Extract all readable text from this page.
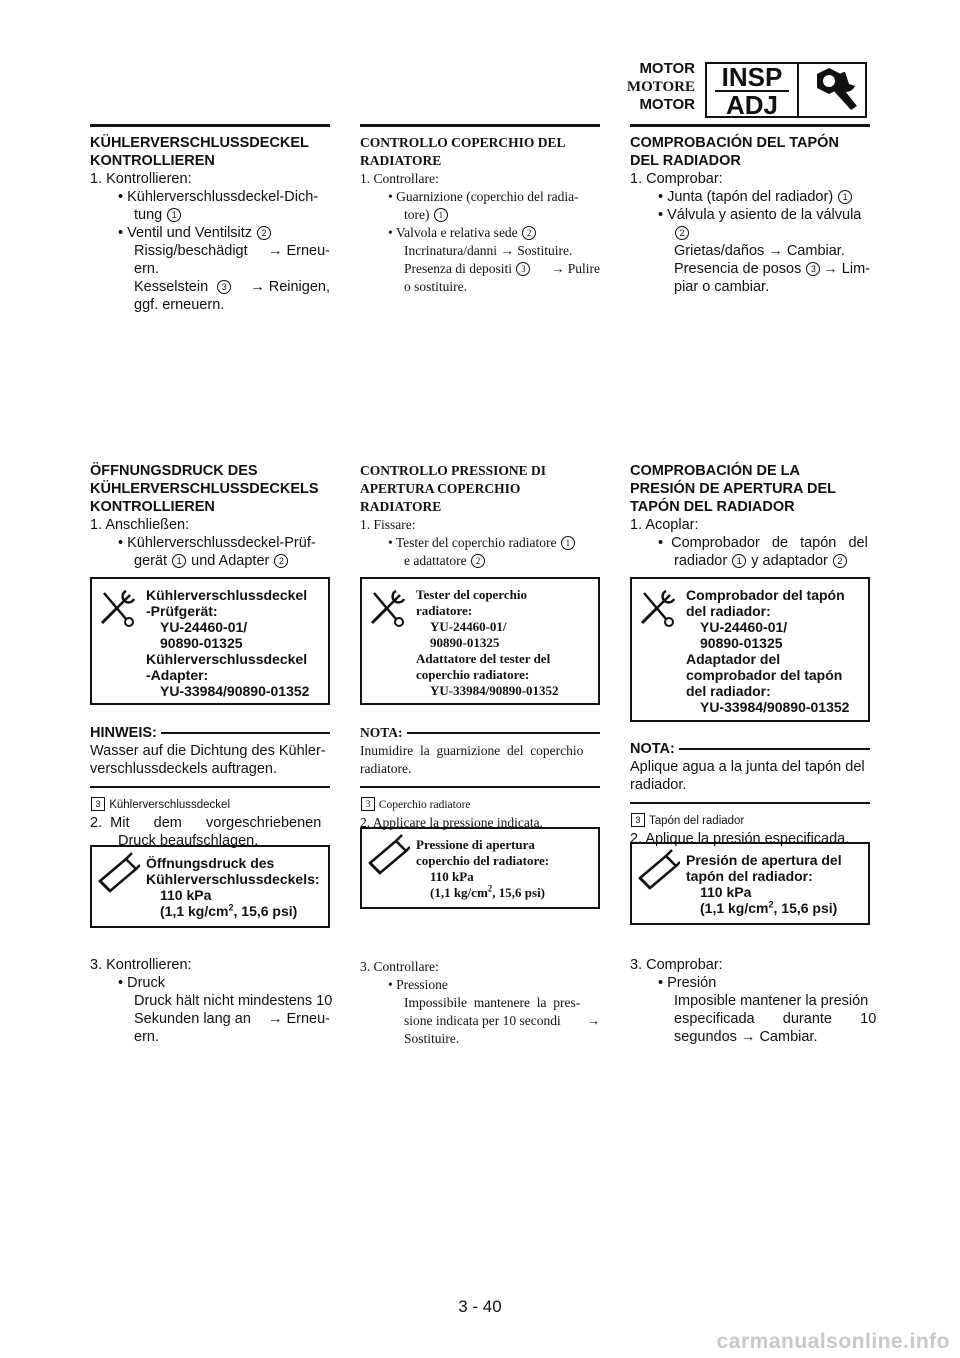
MOTOR
MOTORE
MOTOR
INSP
ADJ
KÜHLERVERSCHLUSSDECKEL
KONTROLLIEREN
1. Kontrollieren:
• Kühlerverschlussdeckel-Dich-
tung 1
• Ventil und Ventilsitz 2
Rissig/beschädigt → Erneu-
ern.
Kesselstein 3	→ Reinigen,
ggf. erneuern.
ÖFFNUNGSDRUCK DES
KÜHLERVERSCHLUSSDECKELS
KONTROLLIEREN
1. Anschließen:
• Kühlerverschlussdeckel-Prüf-
gerät 1 und Adapter 2
Kühlerverschlussdeckel
-Prüfgerät:
YU-24460-01/
90890-01325
Kühlerverschlussdeckel
-Adapter:
YU-33984/90890-01352
HINWEIS:
Wasser auf die Dichtung des Kühler-
verschlussdeckels auftragen.
3 Kühlerverschlussdeckel
2.  Mit      dem      vorgeschriebenen
Druck beaufschlagen.
Öffnungsdruck des
Kühlerverschlussdeckels:
110 kPa
(1,1 $kg/cm^2$, 15,6 psi)
3. Kontrollieren:
• Druck
Druck hält nicht mindestens 10
Sekunden lang an → Erneu-
ern.
CONTROLLO COPERCHIO DEL
RADIATORE
1. Controllare:
• Guarnizione (coperchio del radia-
tore) 1
• Valvola e relativa sede 2
Incrinatura/danni → Sostituire.
Presenza di depositi 3	→ Pulire
o sostituire.
CONTROLLO PRESSIONE DI
APERTURA COPERCHIO
RADIATORE
1. Fissare:
• Tester del coperchio radiatore 1
e adattatore 2
Tester del coperchio
radiatore:
YU-24460-01/
90890-01325
Adattatore del tester del
coperchio radiatore:
YU-33984/90890-01352
NOTA:
Inumidire  la  guarnizione  del  coperchio
radiatore.
3 Coperchio radiatore
2. Applicare la pressione indicata.
Pressione di apertura
coperchio del radiatore:
110 kPa
(1,1 $kg/cm^2$, 15,6 psi)
3. Controllare:
• Pressione
Impossibile  mantenere  la  pres-
sione indicata per 10 secondi →
Sostituire.
COMPROBACIÓN DEL TAPÓN
DEL RADIADOR
1. Comprobar:
• Junta (tapón del radiador) 1
• Válvula y asiento de la válvula
2
Grietas/daños → Cambiar.
Presencia de posos 3 → Lim-
piar o cambiar.
COMPROBACIÓN DE LA
PRESIÓN DE APERTURA DEL
TAPÓN DEL RADIADOR
1. Acoplar:
•  Comprobador   de   tapón   del
radiador 1 y adaptador 2
Comprobador del tapón
del radiador:
YU-24460-01/
90890-01325
Adaptador del
comprobador del tapón
del radiador:
YU-33984/90890-01352
NOTA:
Aplique agua a la junta del tapón del
radiador.
3 Tapón del radiador
2. Aplique la presión especificada.
Presión de apertura del
tapón del radiador:
110 kPa
(1,1 $kg/cm^2$, 15,6 psi)
3. Comprobar:
• Presión
Imposible mantener la presión
especificada       durante       10
segundos → Cambiar.
3 - 40
carmanualsonline.info
